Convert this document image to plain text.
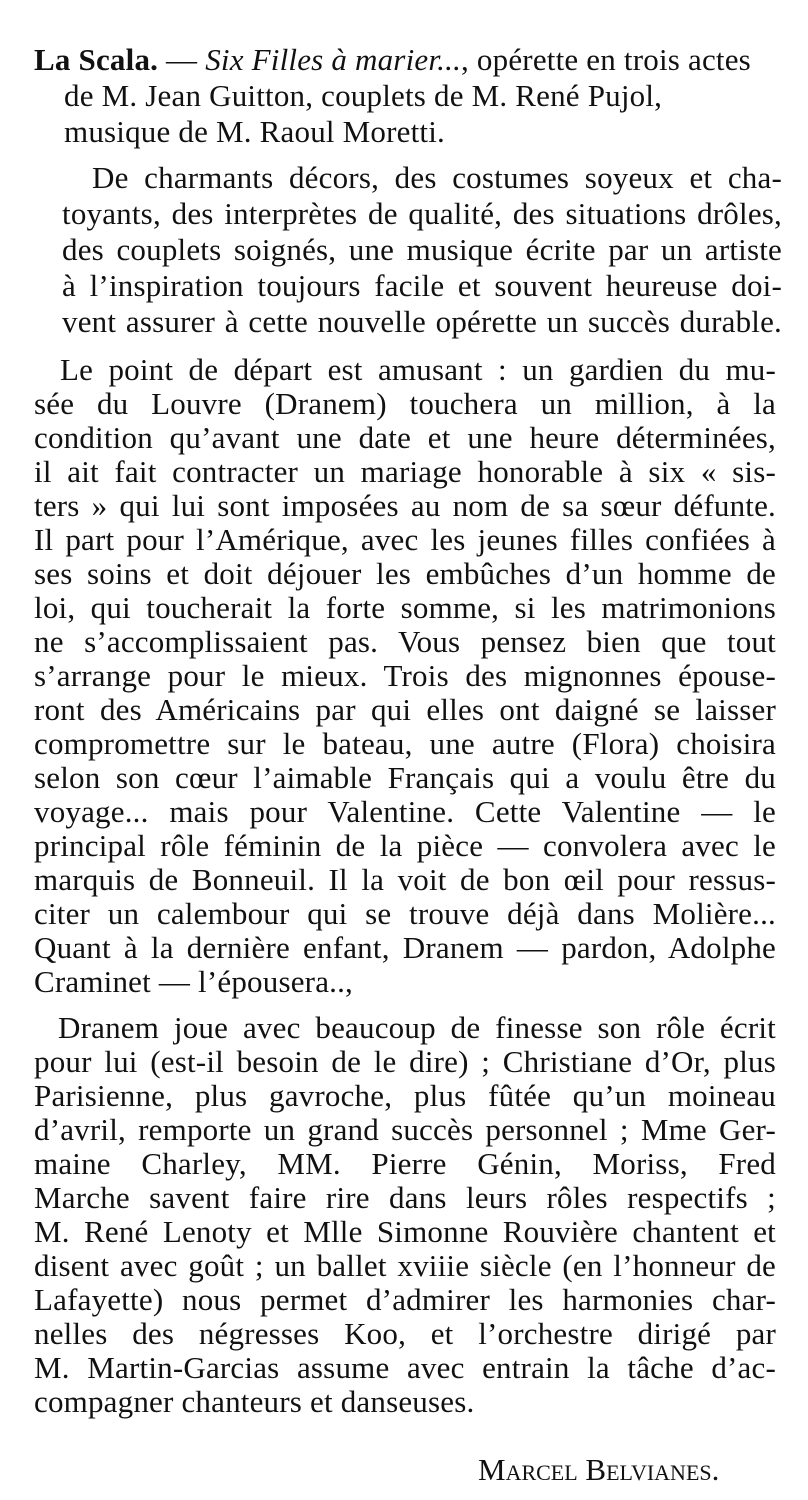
La Scala. — Six Filles à marier..., opérette en trois actes
de M. Jean Guitton, couplets de M. René Pujol,
musique de M. Raoul Moretti.
De charmants décors, des costumes soyeux et cha-
toyants, des interprètes de qualité, des situations drôles,
des couplets soignés, une musique écrite par un artiste
à l’inspiration toujours facile et souvent heureuse doi-
vent assurer à cette nouvelle opérette un succès durable.
Le point de départ est amusant : un gardien du mu-
sée du Louvre (Dranem) touchera un million, à la
condition qu’avant une date et une heure déterminées,
il ait fait contracter un mariage honorable à six « sis-
ters » qui lui sont imposées au nom de sa sœur défunte.
Il part pour l’Amérique, avec les jeunes filles confiées à
ses soins et doit déjouer les embûches d’un homme de
loi, qui toucherait la forte somme, si les matrimonions
ne s’accomplissaient pas. Vous pensez bien que tout
s’arrange pour le mieux. Trois des mignonnes épouse-
ront des Américains par qui elles ont daigné se laisser
compromettre sur le bateau, une autre (Flora) choisira
selon son cœur l’aimable Français qui a voulu être du
voyage... mais pour Valentine. Cette Valentine — le
principal rôle féminin de la pièce — convolera avec le
marquis de Bonneuil. Il la voit de bon œil pour ressus-
citer un calembour qui se trouve déjà dans Molière...
Quant à la dernière enfant, Dranem — pardon, Adolphe
Craminet — l’épousera..,
Dranem joue avec beaucoup de finesse son rôle écrit
pour lui (est-il besoin de le dire) ; Christiane d’Or, plus
Parisienne, plus gavroche, plus fûtée qu’un moineau
d’avril, remporte un grand succès personnel ; Mme Ger-
maine Charley, MM. Pierre Génin, Moriss, Fred
Marche savent faire rire dans leurs rôles respectifs ;
M. René Lenoty et Mlle Simonne Rouvière chantent et
disent avec goût ; un ballet xviiie siècle (en l’honneur de
Lafayette) nous permet d’admirer les harmonies char-
nelles des négresses Koo, et l’orchestre dirigé par
M. Martin-Garcias assume avec entrain la tâche d’ac-
compagner chanteurs et danseuses.
Marcel Belvianes.
